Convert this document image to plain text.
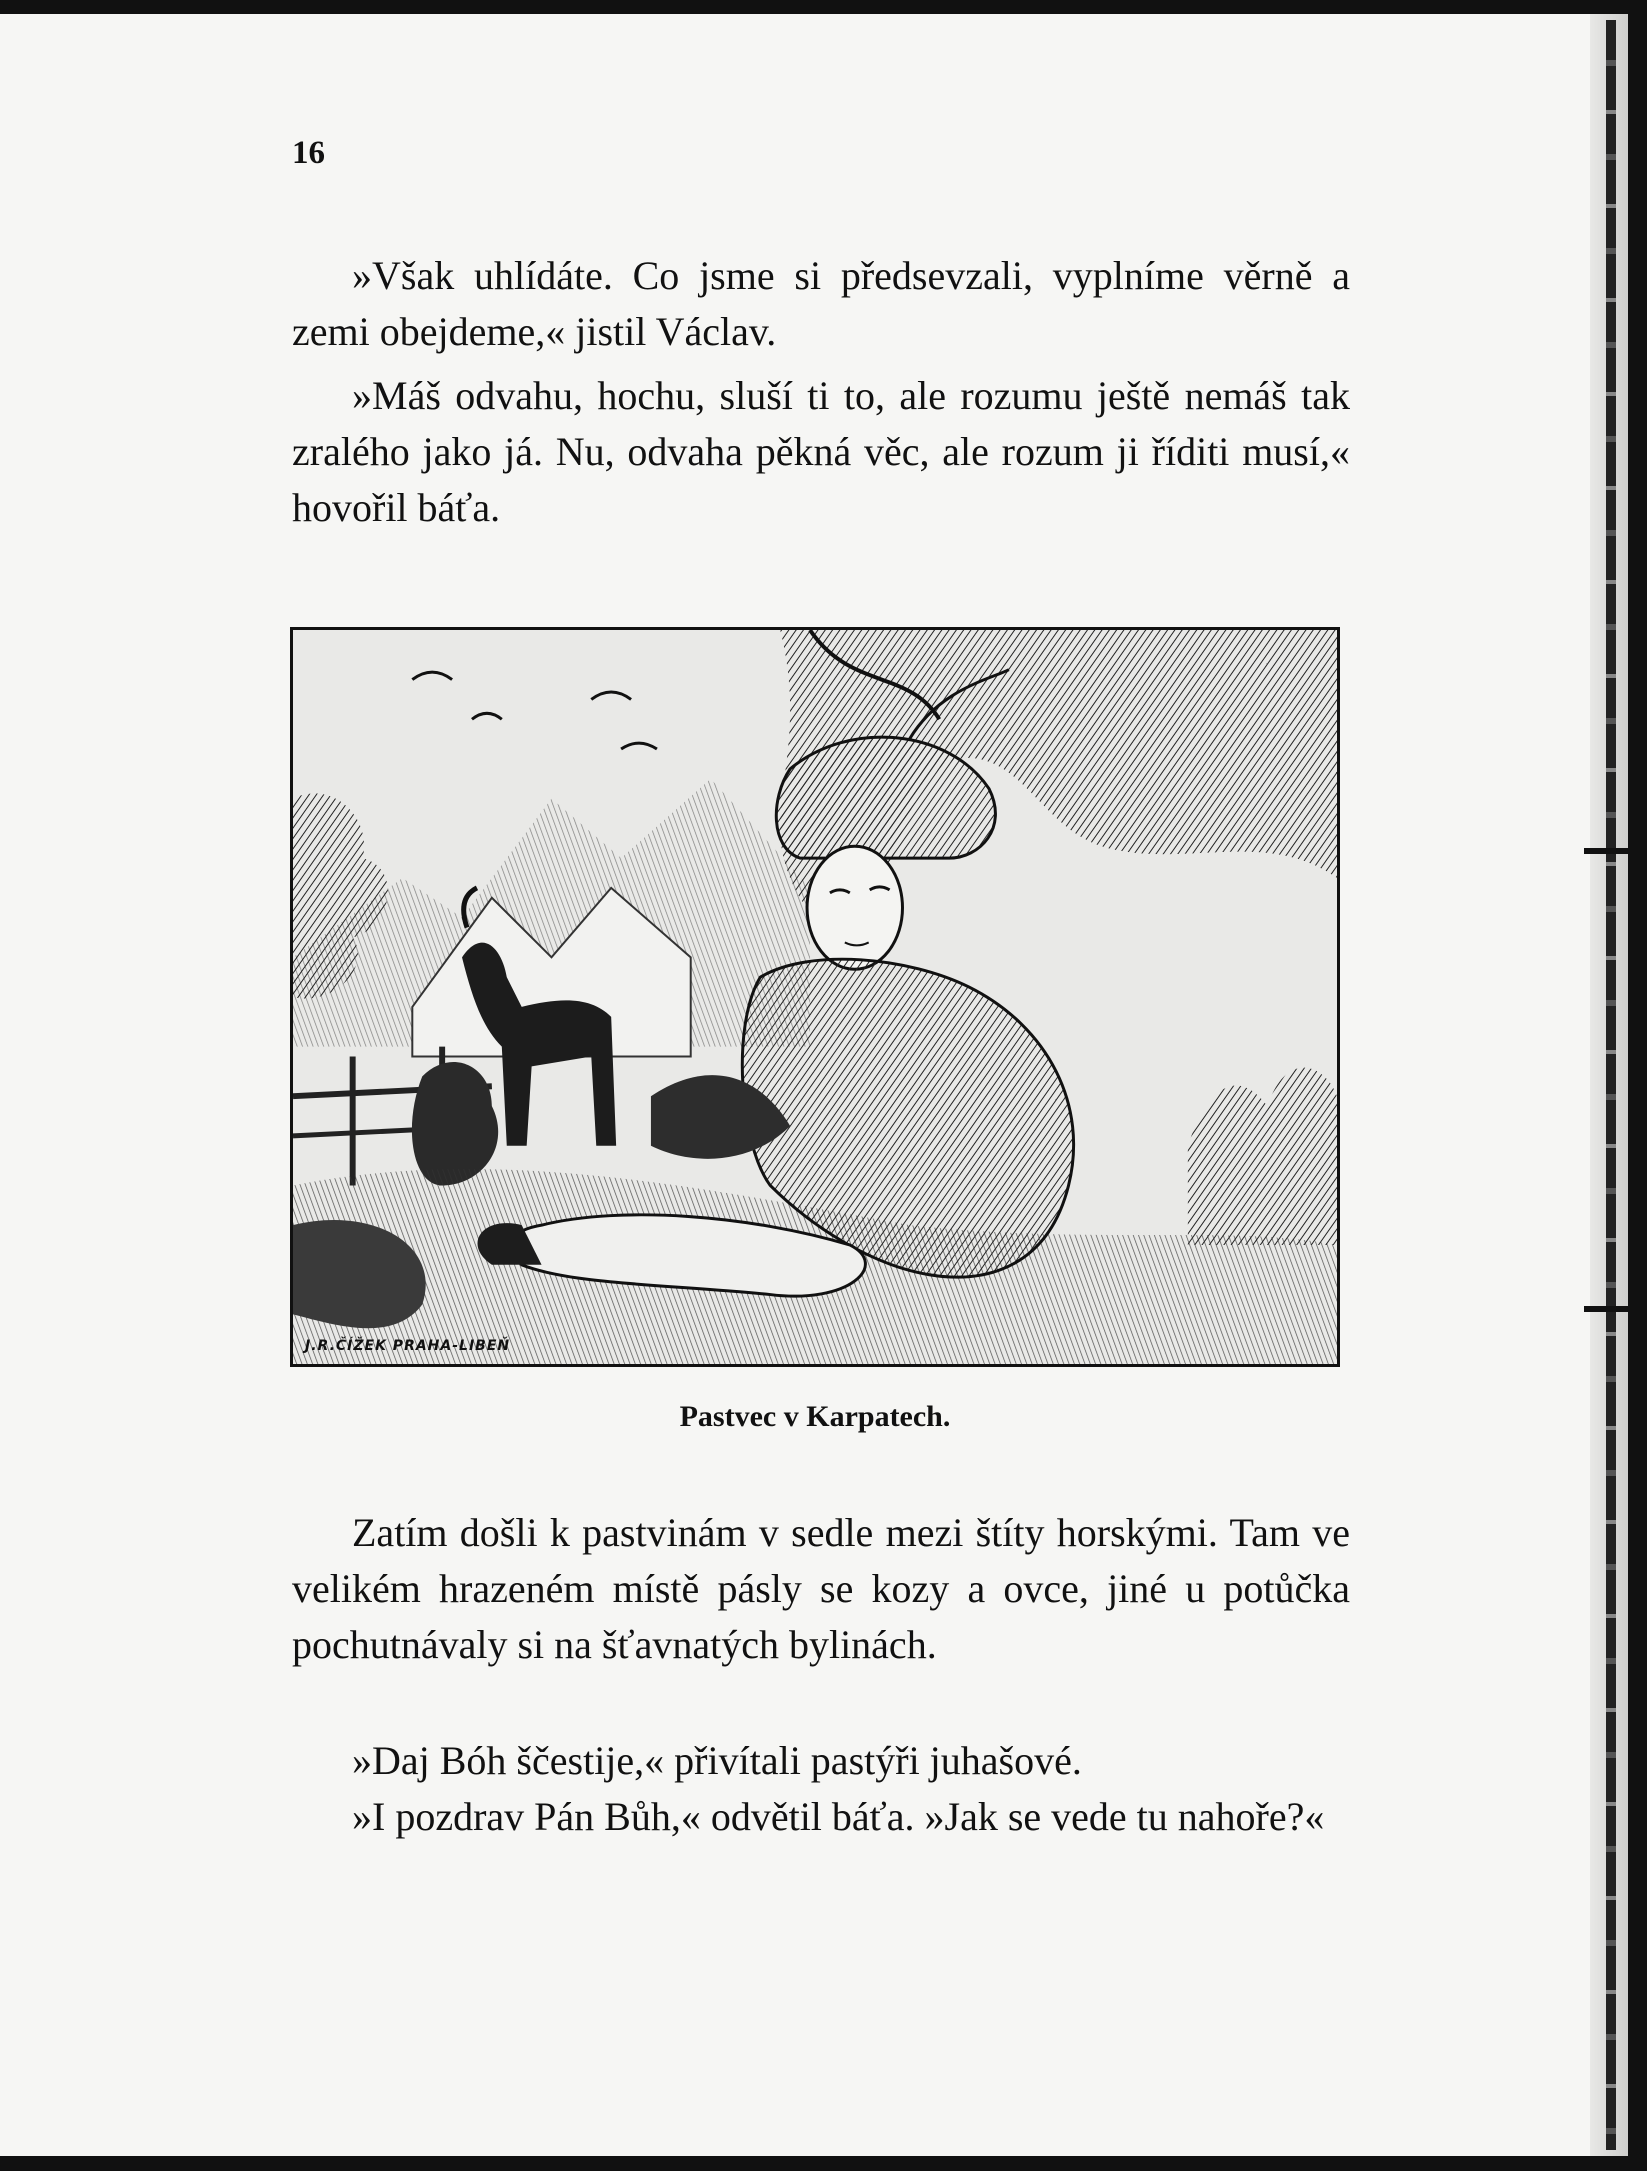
16

»Však uhlídáte. Co jsme si předsevzali, vyplníme věrně a zemi obejdeme,« jistil Václav.

»Máš odvahu, hochu, sluší ti to, ale rozumu ještě nemáš tak zralého jako já. Nu, odvaha pěkná věc, ale rozum ji říditi musí,« hovořil báťa.

J.R.ČÍŽEK PRAHA-LIBEŇ
Pastvec v Karpatech.

Zatím došli k pastvinám v sedle mezi štíty horskými. Tam ve velikém hrazeném místě pásly se kozy a ovce, jiné u potůčka pochutnávaly si na šťavnatých bylinách.

»Daj Bóh ščestije,« přivítali pastýři juhašové.

»I pozdrav Pán Bůh,« odvětil báťa. »Jak se vede tu nahoře?«
